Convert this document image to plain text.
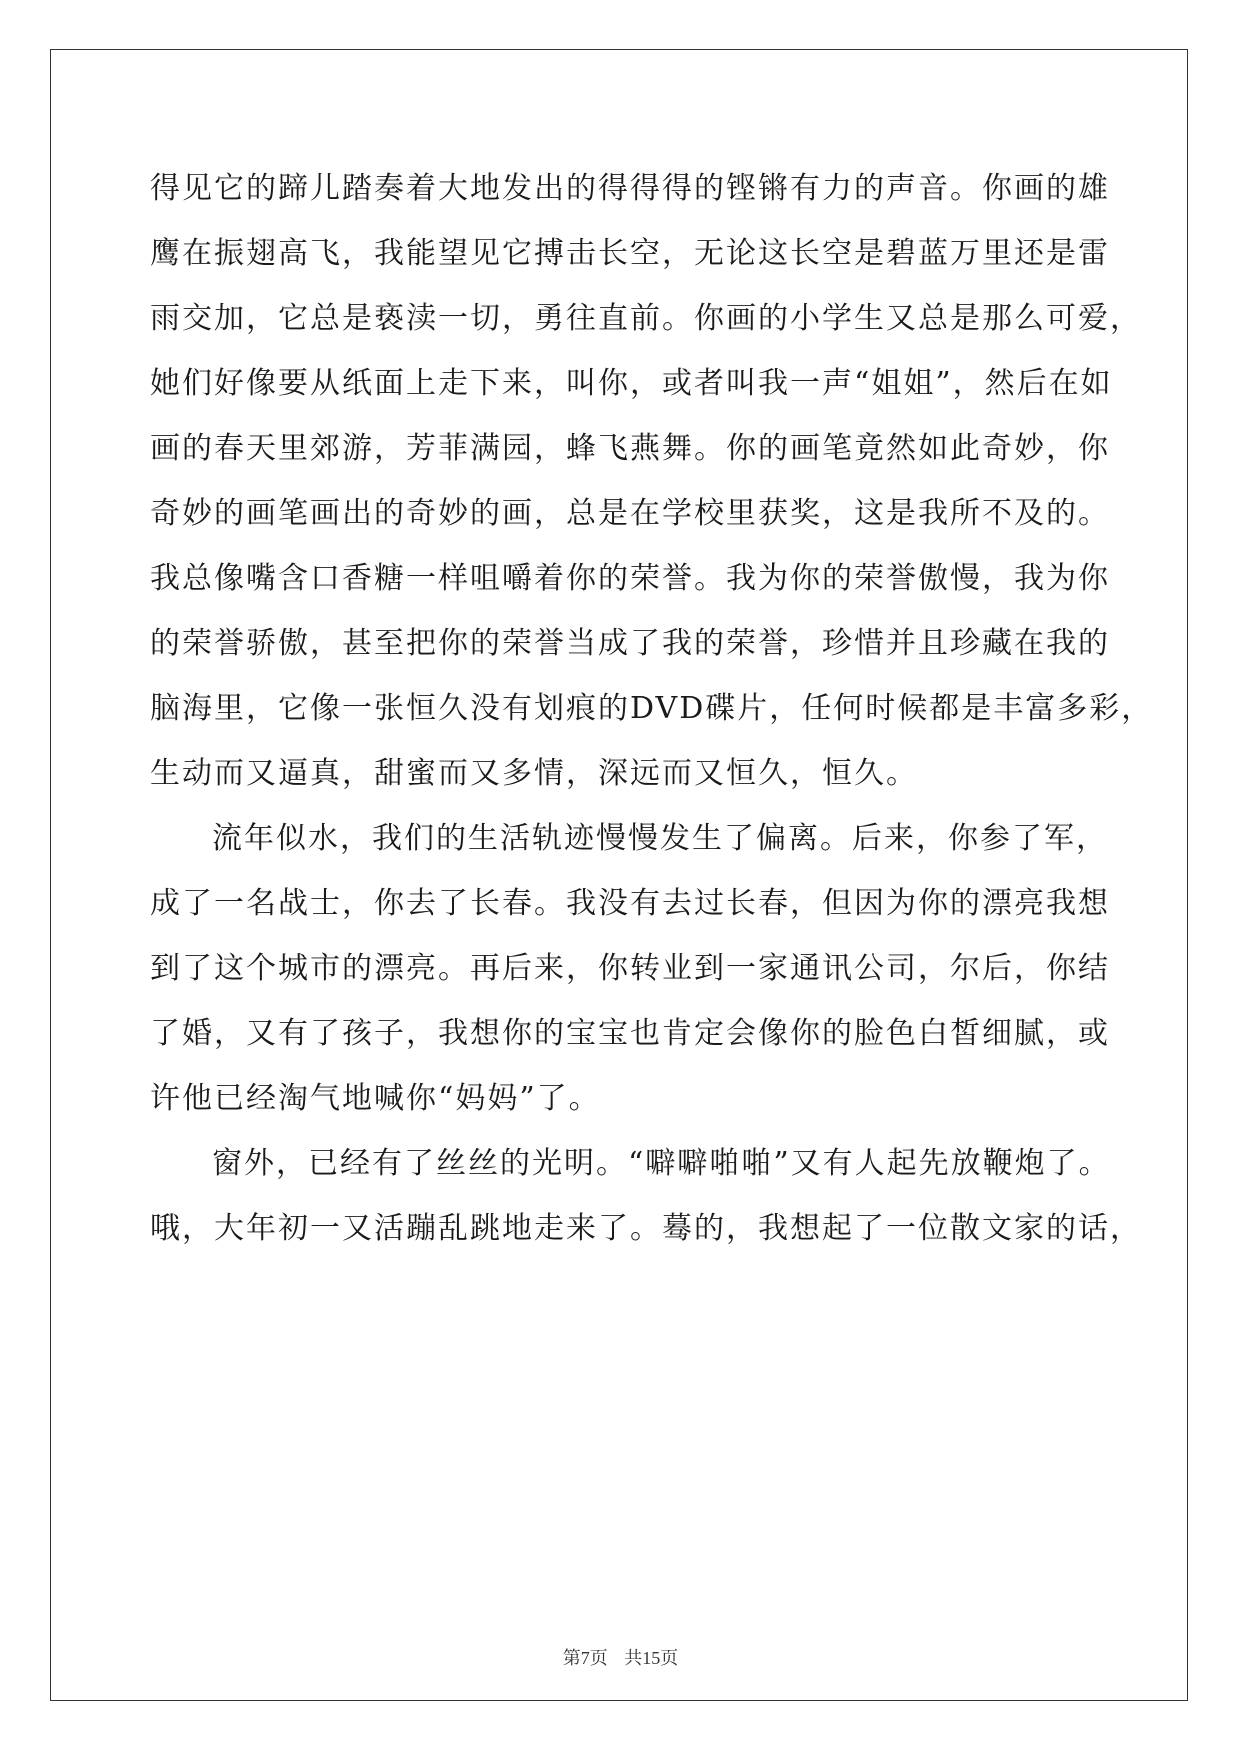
得见它的蹄儿踏奏着大地发出的得得得的铿锵有力的声音。你画的雄
鹰在振翅高飞，我能望见它搏击长空，无论这长空是碧蓝万里还是雷
雨交加，它总是亵渎一切，勇往直前。你画的小学生又总是那么可爱，
她们好像要从纸面上走下来，叫你，或者叫我一声“姐姐”，然后在如
画的春天里郊游，芳菲满园，蜂飞燕舞。你的画笔竟然如此奇妙，你
奇妙的画笔画出的奇妙的画，总是在学校里获奖，这是我所不及的。
我总像嘴含口香糖一样咀嚼着你的荣誉。我为你的荣誉傲慢，我为你
的荣誉骄傲，甚至把你的荣誉当成了我的荣誉，珍惜并且珍藏在我的
脑海里，它像一张恒久没有划痕的DVD碟片，任何时候都是丰富多彩，
生动而又逼真，甜蜜而又多情，深远而又恒久，恒久。
流年似水，我们的生活轨迹慢慢发生了偏离。后来，你参了军，
成了一名战士，你去了长春。我没有去过长春，但因为你的漂亮我想
到了这个城市的漂亮。再后来，你转业到一家通讯公司，尔后，你结
了婚，又有了孩子，我想你的宝宝也肯定会像你的脸色白皙细腻，或
许他已经淘气地喊你“妈妈”了。
窗外，已经有了丝丝的光明。“噼噼啪啪”又有人起先放鞭炮了。
哦，大年初一又活蹦乱跳地走来了。蓦的，我想起了一位散文家的话，
第7页 共15页
